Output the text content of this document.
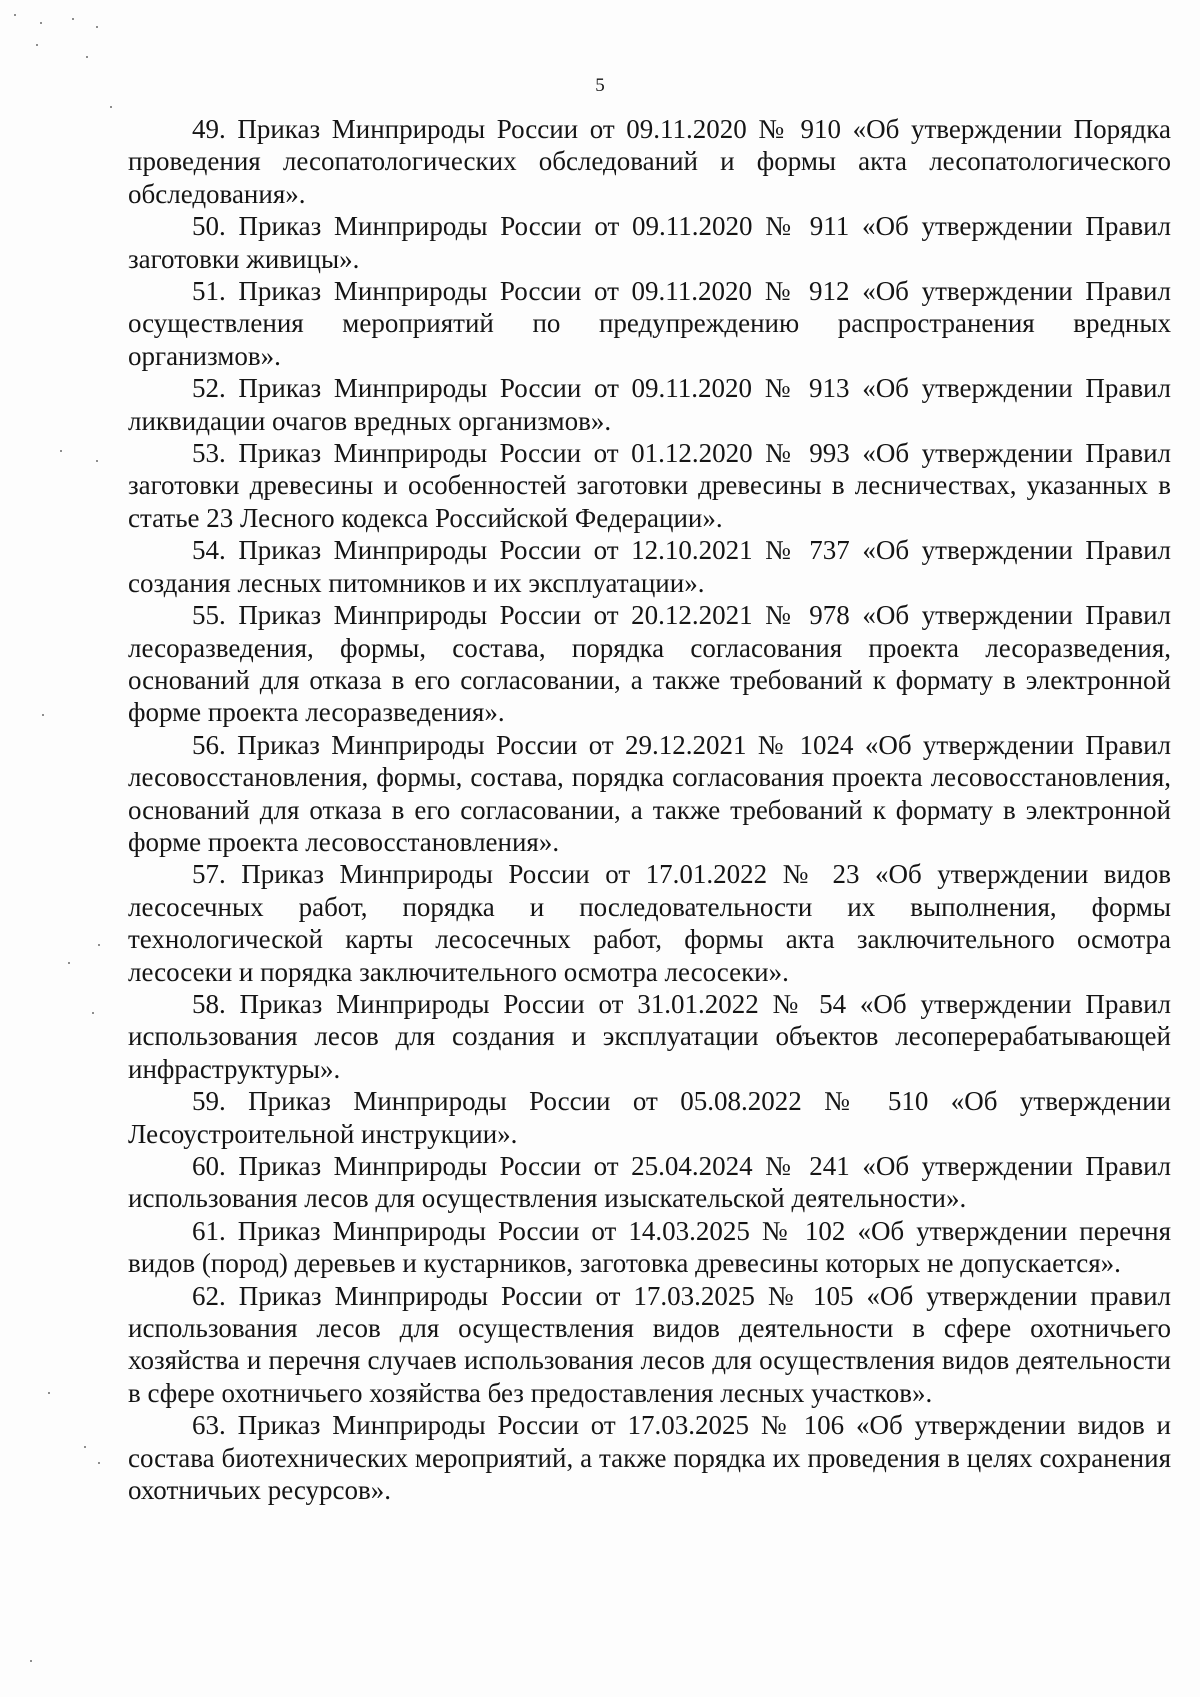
5

49. Приказ Минприроды России от 09.11.2020 № 910 «Об утверждении Порядка проведения лесопатологических обследований и формы акта лесопатологического обследования».

50. Приказ Минприроды России от 09.11.2020 № 911 «Об утверждении Правил заготовки живицы».

51. Приказ Минприроды России от 09.11.2020 № 912 «Об утверждении Правил осуществления мероприятий по предупреждению распространения вредных организмов».

52. Приказ Минприроды России от 09.11.2020 № 913 «Об утверждении Правил ликвидации очагов вредных организмов».

53. Приказ Минприроды России от 01.12.2020 № 993 «Об утверждении Правил заготовки древесины и особенностей заготовки древесины в лесничествах, указанных в статье 23 Лесного кодекса Российской Федерации».

54. Приказ Минприроды России от 12.10.2021 № 737 «Об утверждении Правил создания лесных питомников и их эксплуатации».

55. Приказ Минприроды России от 20.12.2021 № 978 «Об утверждении Правил лесоразведения, формы, состава, порядка согласования проекта лесоразведения, оснований для отказа в его согласовании, а также требований к формату в электронной форме проекта лесоразведения».

56. Приказ Минприроды России от 29.12.2021 № 1024 «Об утверждении Правил лесовосстановления, формы, состава, порядка согласования проекта лесовосстановления, оснований для отказа в его согласовании, а также требований к формату в электронной форме проекта лесовосстановления».

57. Приказ Минприроды России от 17.01.2022 № 23 «Об утверждении видов лесосечных работ, порядка и последовательности их выполнения, формы технологической карты лесосечных работ, формы акта заключительного осмотра лесосеки и порядка заключительного осмотра лесосеки».

58. Приказ Минприроды России от 31.01.2022 № 54 «Об утверждении Правил использования лесов для создания и эксплуатации объектов лесоперерабатывающей инфраструктуры».

59. Приказ Минприроды России от 05.08.2022 № 510 «Об утверждении Лесоустроительной инструкции».

60. Приказ Минприроды России от 25.04.2024 № 241 «Об утверждении Правил использования лесов для осуществления изыскательской деятельности».

61. Приказ Минприроды России от 14.03.2025 № 102 «Об утверждении перечня видов (пород) деревьев и кустарников, заготовка древесины которых не допускается».

62. Приказ Минприроды России от 17.03.2025 № 105 «Об утверждении правил использования лесов для осуществления видов деятельности в сфере охотничьего хозяйства и перечня случаев использования лесов для осуществления видов деятельности в сфере охотничьего хозяйства без предоставления лесных участков».

63. Приказ Минприроды России от 17.03.2025 № 106 «Об утверждении видов и состава биотехнических мероприятий, а также порядка их проведения в целях сохранения охотничьих ресурсов».
